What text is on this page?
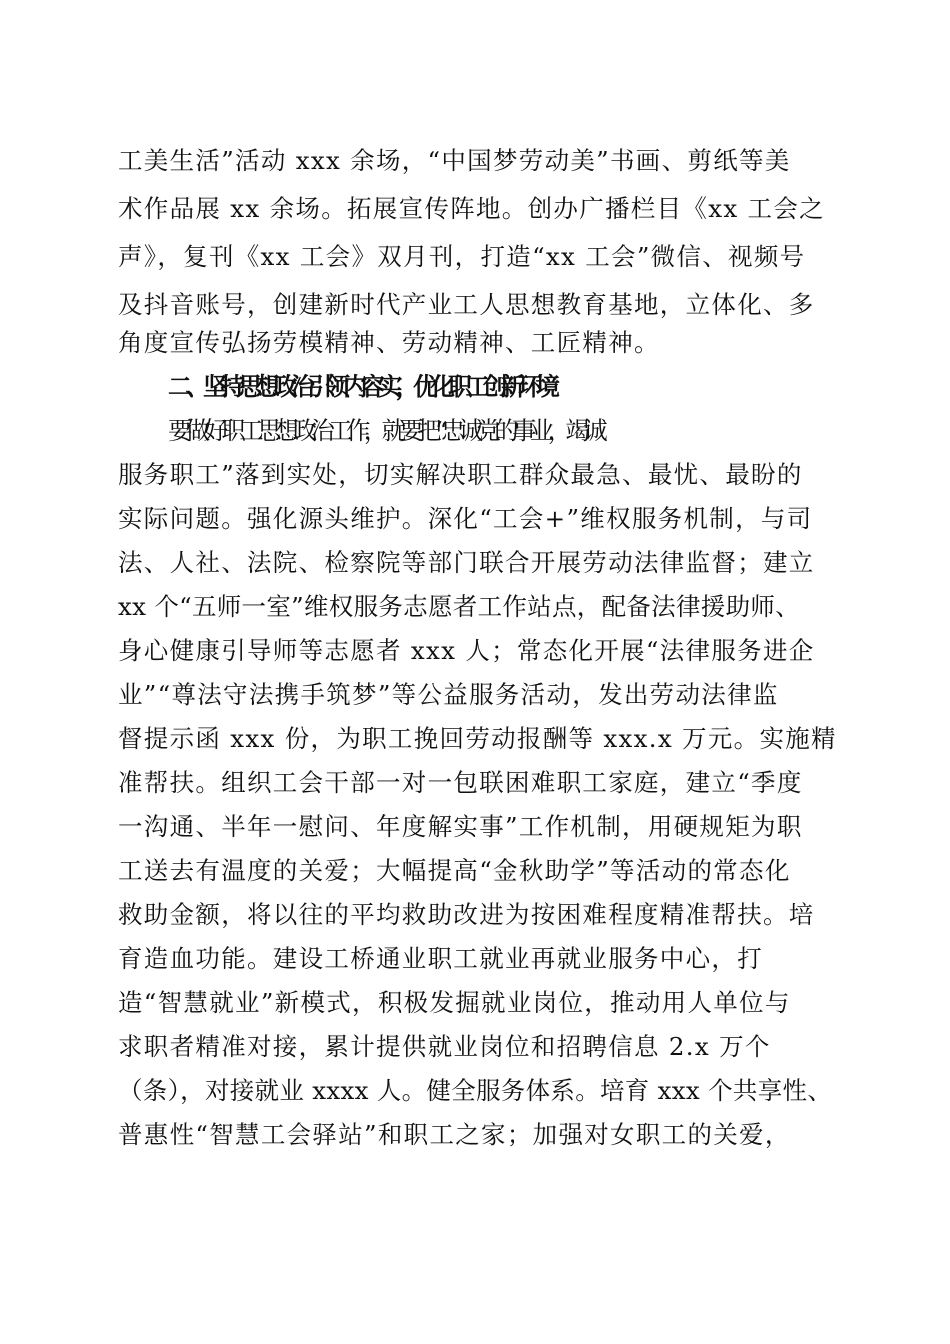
工美生活”活动 xxx 余场，“中国梦劳动美”书画、剪纸等美
术作品展 xx 余场。拓展宣传阵地。创办广播栏目《xx 工会之
声》，复刊《xx 工会》双月刊，打造“xx 工会”微信、视频号
及抖音账号，创建新时代产业工人思想教育基地，立体化、多
角度宣传弘扬劳模精神、劳动精神、工匠精神。
二、坚持思想政治引领内容实，优化职工创新环境
要做好职工思想政治工作，就要把“忠诚党的事业，竭诚
服务职工”落到实处，切实解决职工群众最急、最忧、最盼的
实际问题。强化源头维护。深化“工会+”维权服务机制，与司
法、人社、法院、检察院等部门联合开展劳动法律监督；建立
xx 个“五师一室”维权服务志愿者工作站点，配备法律援助师、
身心健康引导师等志愿者 xxx 人；常态化开展“法律服务进企
业”“尊法守法携手筑梦”等公益服务活动，发出劳动法律监
督提示函 xxx 份，为职工挽回劳动报酬等 xxx.x 万元。实施精
准帮扶。组织工会干部一对一包联困难职工家庭，建立“季度
一沟通、半年一慰问、年度解实事”工作机制，用硬规矩为职
工送去有温度的关爱；大幅提高“金秋助学”等活动的常态化
救助金额，将以往的平均救助改进为按困难程度精准帮扶。培
育造血功能。建设工桥通业职工就业再就业服务中心，打
造“智慧就业”新模式，积极发掘就业岗位，推动用人单位与
求职者精准对接，累计提供就业岗位和招聘信息 2.x 万个
（条），对接就业 xxxx 人。健全服务体系。培育 xxx 个共享性、
普惠性“智慧工会驿站”和职工之家；加强对女职工的关爱，
